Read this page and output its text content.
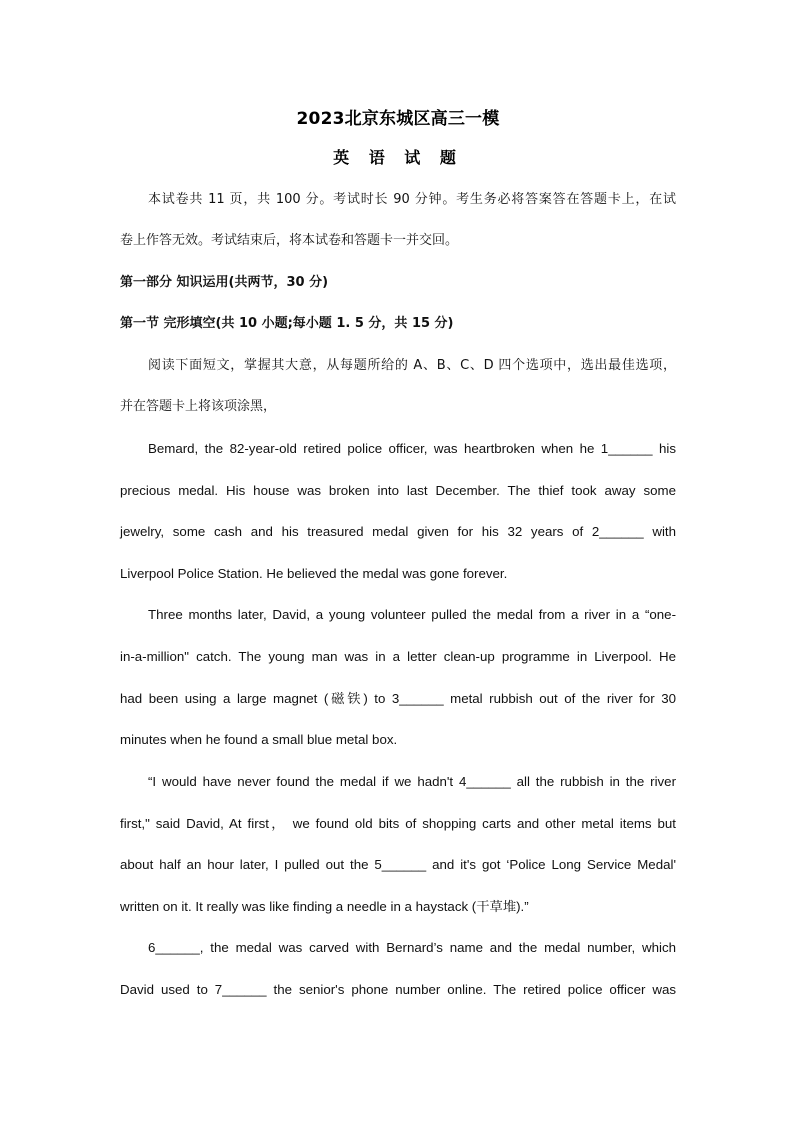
2023北京东城区高三一模
英 语 试 题
本试卷共 11 页，共 100 分。考试时长 90 分钟。考生务必将答案答在答题卡上，在试
卷上作答无效。考试结束后，将本试卷和答题卡一并交回。
第一部分 知识运用(共两节，30 分)
第一节 完形填空(共 10 小题;每小题 1. 5 分，共 15 分)
阅读下面短文，掌握其大意，从每题所给的 A、B、C、D 四个选项中，选出最佳选项，
并在答题卡上将该项涂黑，
Bemard, the 82-year-old retired police officer, was heartbroken when he 1______ his
precious medal. His house was broken into last December. The thief took away some
jewelry, some cash and his treasured medal given for his 32 years of 2______ with
Liverpool Police Station. He believed the medal was gone forever.
Three months later, David, a young volunteer pulled the medal from a river in a “one-
in-a-million" catch. The young man was in a letter clean-up programme in Liverpool. He
had been using a large magnet (磁铁) to 3______ metal rubbish out of the river for 30
minutes when he found a small blue metal box.
“I would have never found the medal if we hadn't 4______ all the rubbish in the river
first," said David, At first， we found old bits of shopping carts and other metal items but
about half an hour later, I pulled out the 5______ and it's got ‘Police Long Service Medal'
written on it. It really was like finding a needle in a haystack (干草堆).”
6______, the medal was carved with Bernard’s name and the medal number, which
David used to 7______ the senior's phone number online. The retired police officer was
